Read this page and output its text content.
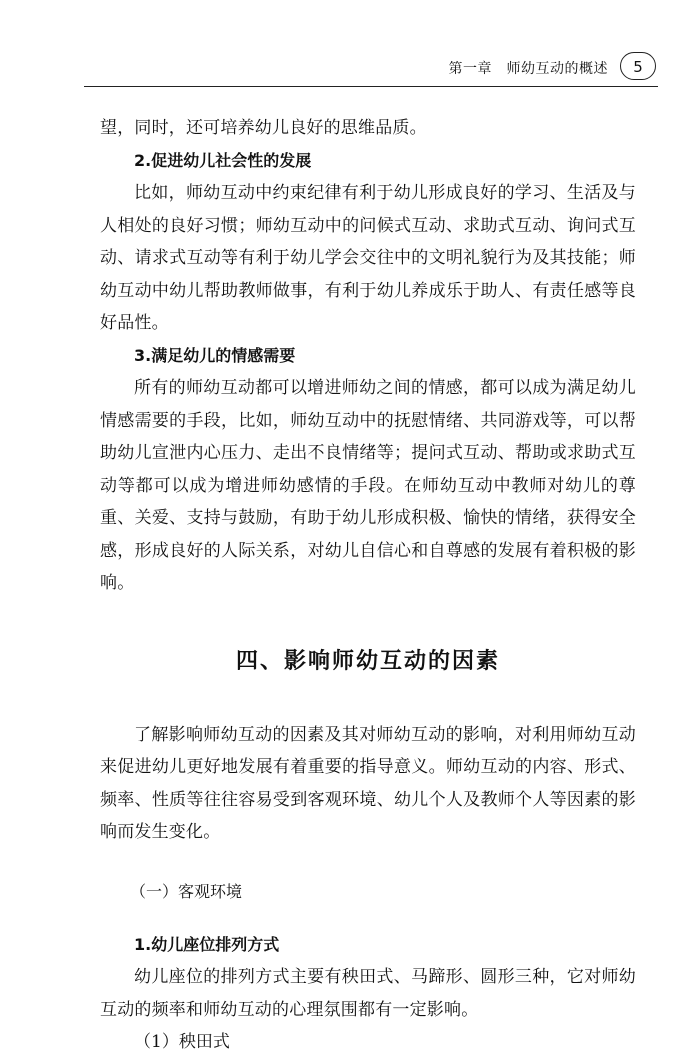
第一章　师幼互动的概述	5

望，同时，还可培养幼儿良好的思维品质。

2.促进幼儿社会性的发展

比如，师幼互动中约束纪律有利于幼儿形成良好的学习、生活及与人相处的良好习惯；师幼互动中的问候式互动、求助式互动、询问式互动、请求式互动等有利于幼儿学会交往中的文明礼貌行为及其技能；师幼互动中幼儿帮助教师做事，有利于幼儿养成乐于助人、有责任感等良好品性。

3.满足幼儿的情感需要

所有的师幼互动都可以增进师幼之间的情感，都可以成为满足幼儿情感需要的手段，比如，师幼互动中的抚慰情绪、共同游戏等，可以帮助幼儿宣泄内心压力、走出不良情绪等；提问式互动、帮助或求助式互动等都可以成为增进师幼感情的手段。在师幼互动中教师对幼儿的尊重、关爱、支持与鼓励，有助于幼儿形成积极、愉快的情绪，获得安全感，形成良好的人际关系，对幼儿自信心和自尊感的发展有着积极的影响。

四、影响师幼互动的因素

了解影响师幼互动的因素及其对师幼互动的影响，对利用师幼互动来促进幼儿更好地发展有着重要的指导意义。师幼互动的内容、形式、频率、性质等往往容易受到客观环境、幼儿个人及教师个人等因素的影响而发生变化。

（一）客观环境
1.幼儿座位排列方式

幼儿座位的排列方式主要有秧田式、马蹄形、圆形三种，它对师幼互动的频率和师幼互动的心理氛围都有一定影响。

（1）秧田式
